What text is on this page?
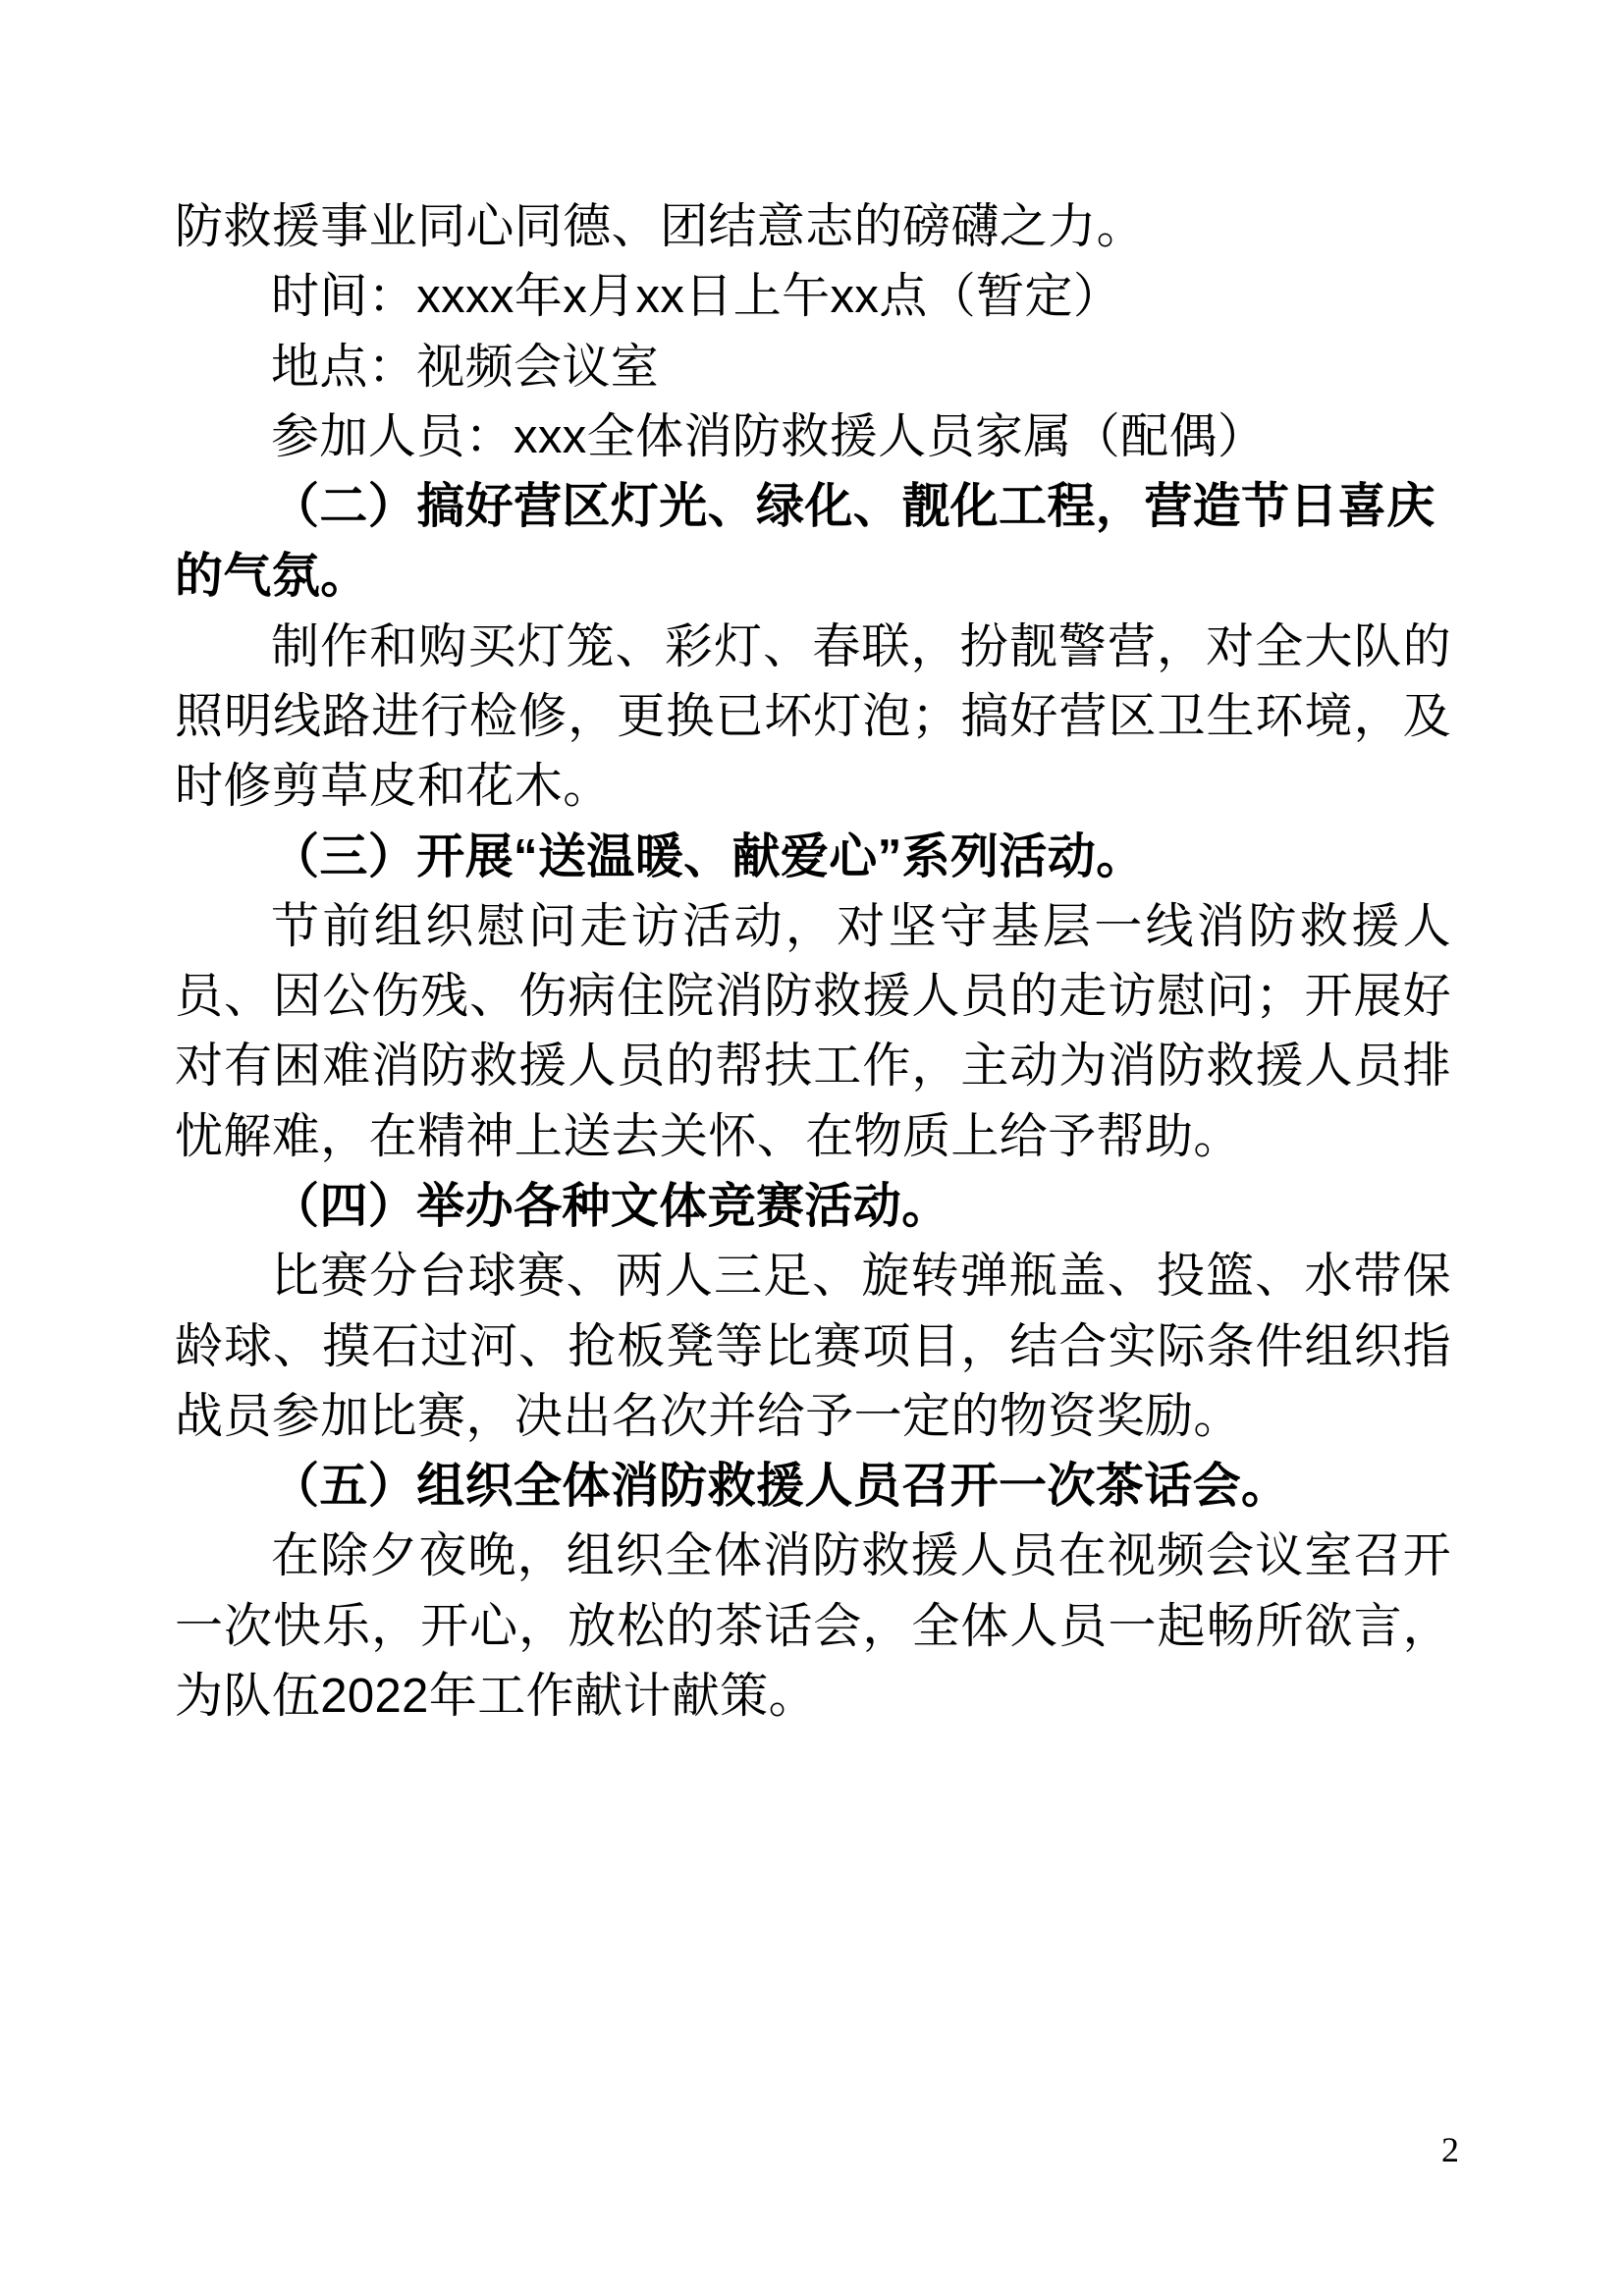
防救援事业同心同德、团结意志的磅礴之力。

时间：xxxx年x月xx日上午xx点（暂定）

地点：视频会议室

参加人员：xxx全体消防救援人员家属（配偶）

（二）搞好营区灯光、绿化、靓化工程，营造节日喜庆的气氛。

制作和购买灯笼、彩灯、春联，扮靓警营，对全大队的照明线路进行检修，更换已坏灯泡；搞好营区卫生环境，及时修剪草皮和花木。

（三）开展“送温暖、献爱心”系列活动。

节前组织慰问走访活动，对坚守基层一线消防救援人员、因公伤残、伤病住院消防救援人员的走访慰问；开展好对有困难消防救援人员的帮扶工作，主动为消防救援人员排忧解难，在精神上送去关怀、在物质上给予帮助。

（四）举办各种文体竞赛活动。

比赛分台球赛、两人三足、旋转弹瓶盖、投篮、水带保龄球、摸石过河、抢板凳等比赛项目，结合实际条件组织指战员参加比赛，决出名次并给予一定的物资奖励。

（五）组织全体消防救援人员召开一次茶话会。

在除夕夜晚，组织全体消防救援人员在视频会议室召开一次快乐，开心，放松的茶话会，全体人员一起畅所欲言，为队伍2022年工作献计献策。

2
